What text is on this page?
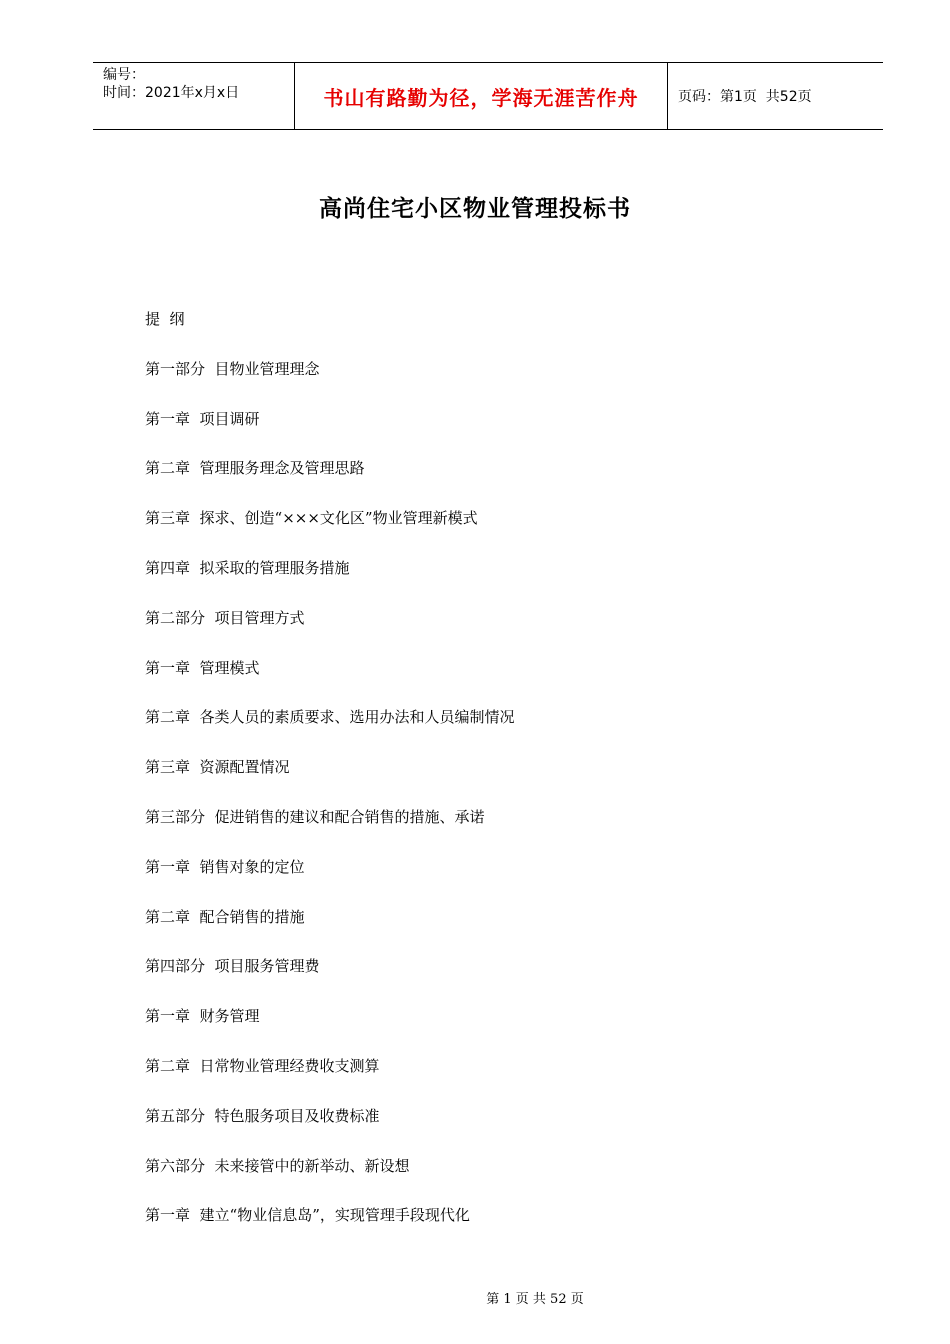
编号：
时间：2021年x月x日	书山有路勤为径，学海无涯苦作舟	页码：第1页  共52页
高尚住宅小区物业管理投标书
提  纲
第一部分  目物业管理理念
第一章  项目调研
第二章  管理服务理念及管理思路
第三章  探求、创造“×××文化区”物业管理新模式
第四章  拟采取的管理服务措施
第二部分  项目管理方式
第一章  管理模式
第二章  各类人员的素质要求、选用办法和人员编制情况
第三章  资源配置情况
第三部分  促进销售的建议和配合销售的措施、承诺
第一章  销售对象的定位
第二章  配合销售的措施
第四部分  项目服务管理费
第一章  财务管理
第二章  日常物业管理经费收支测算
第五部分  特色服务项目及收费标准
第六部分  未来接管中的新举动、新设想
第一章  建立“物业信息岛”，实现管理手段现代化
第 1 页 共 52 页
